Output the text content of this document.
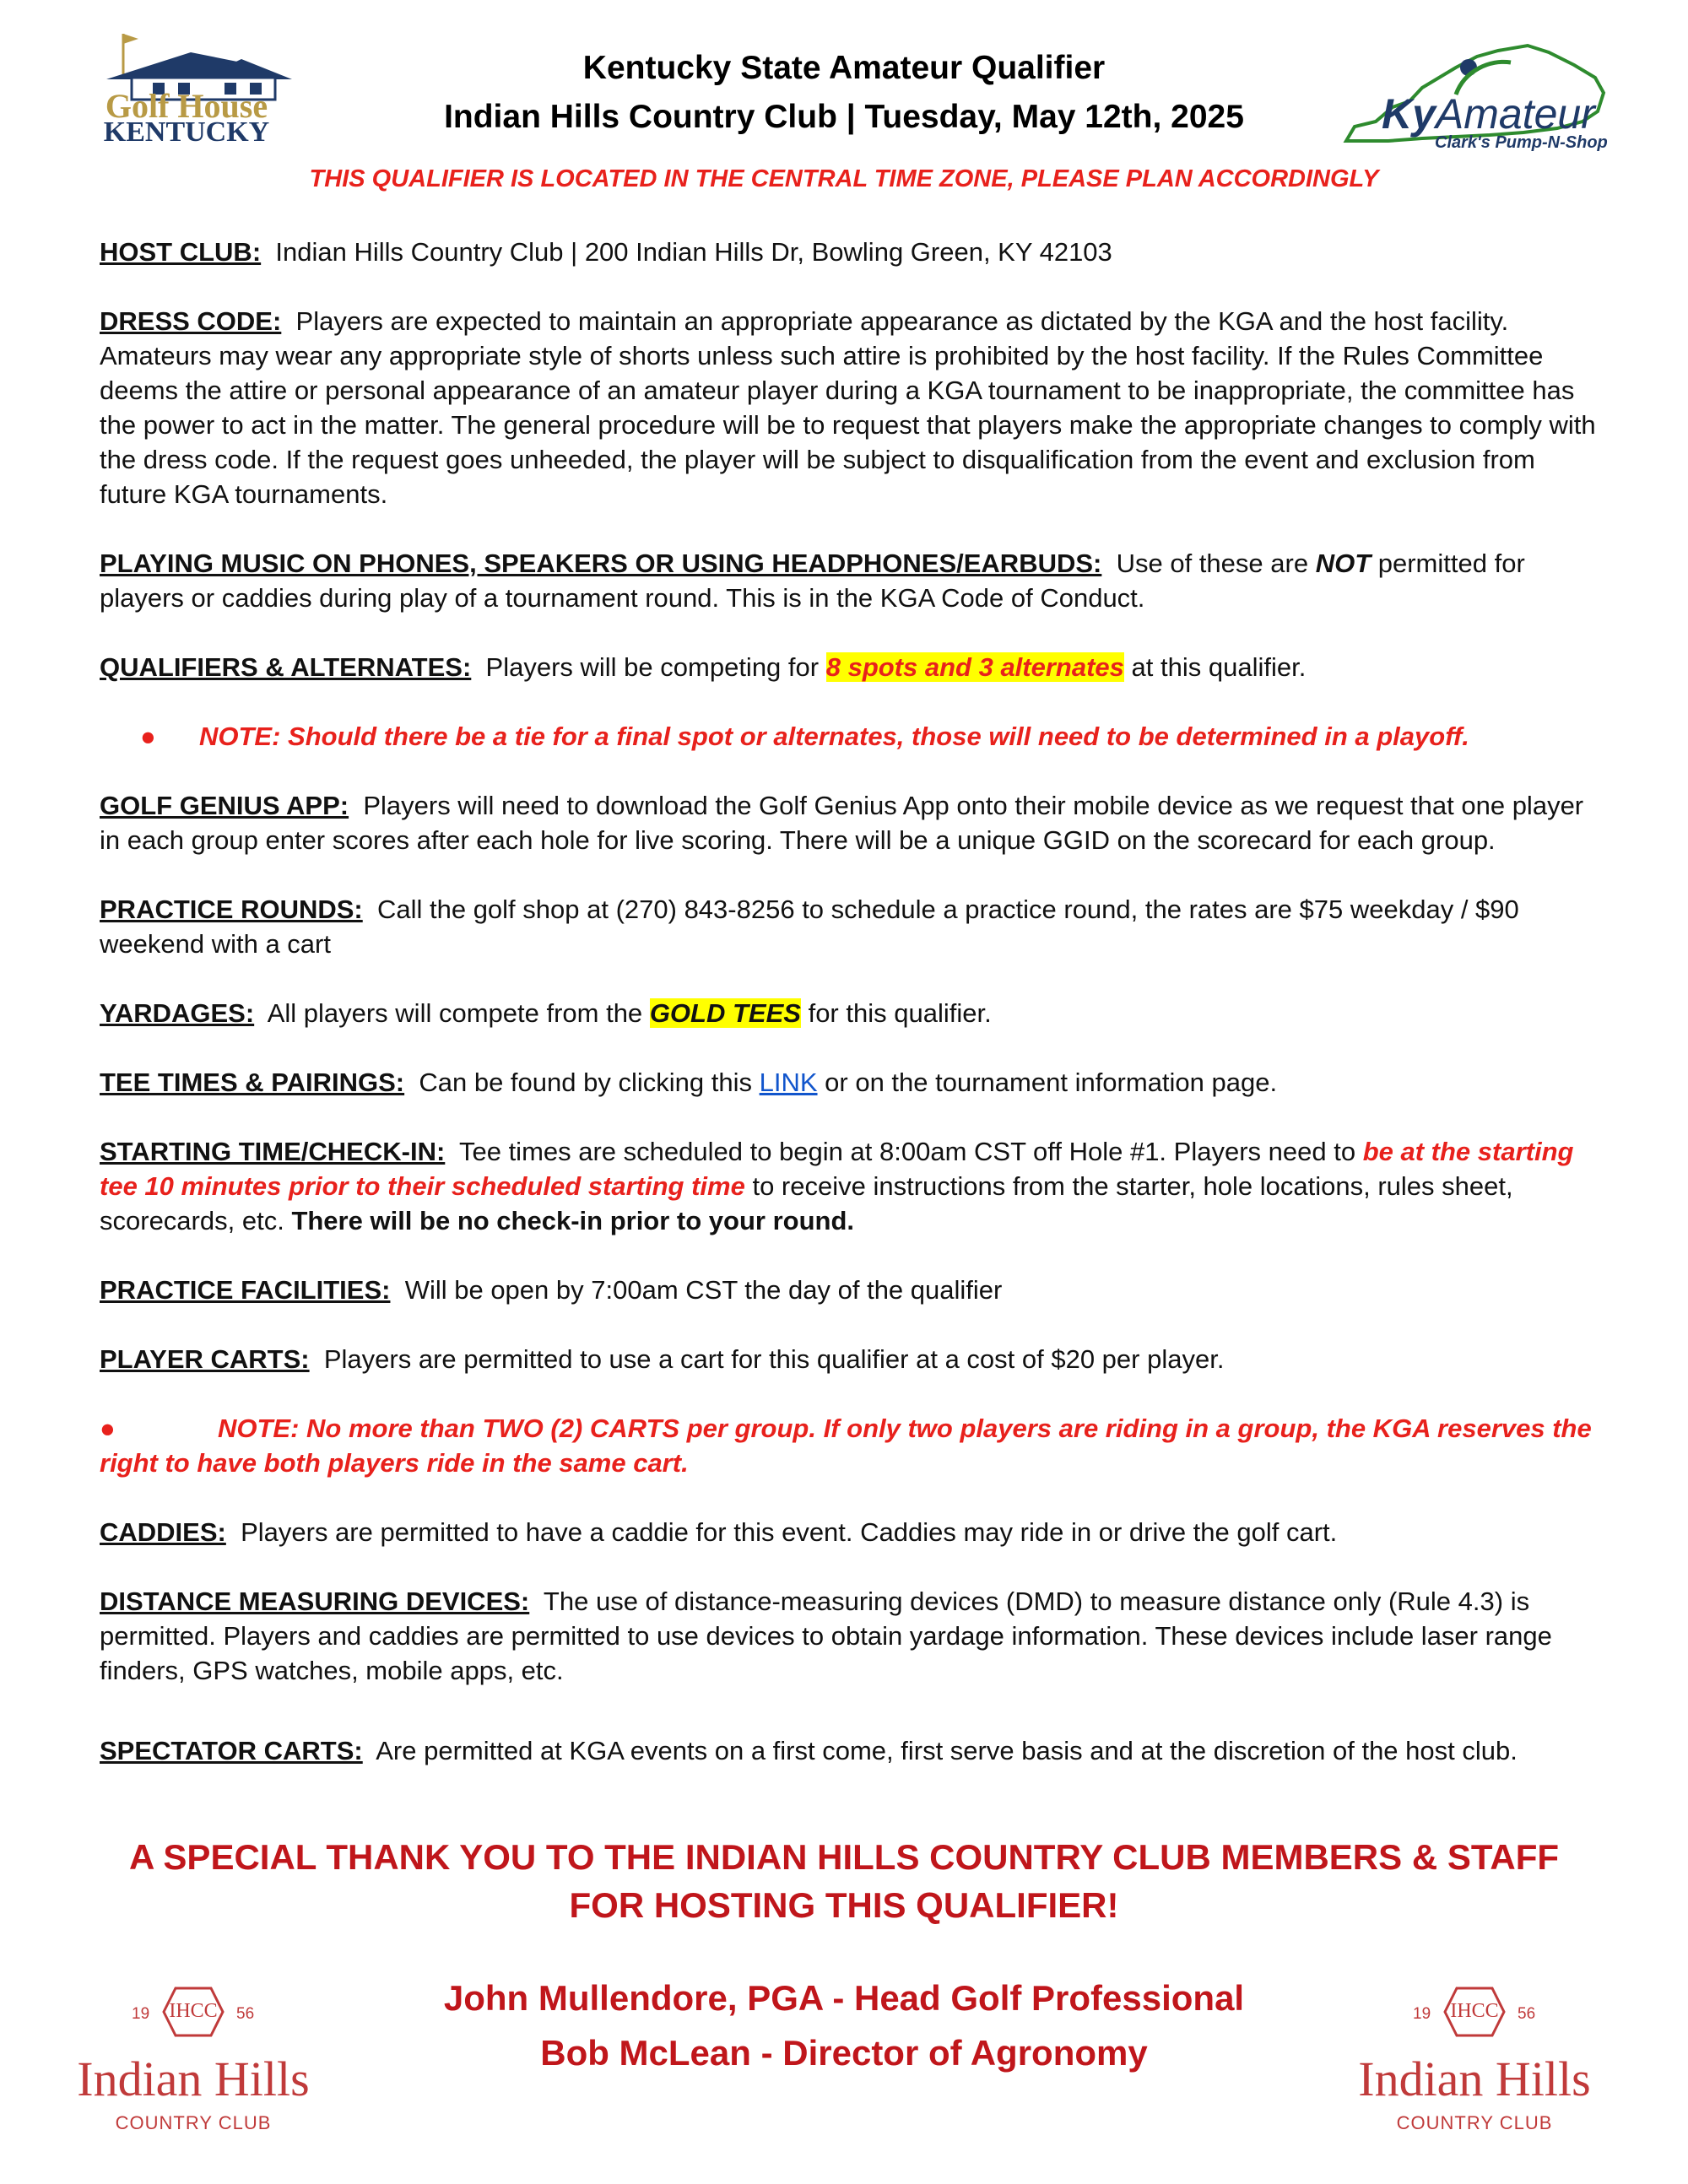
Golf House
KENTUCKY
Kentucky State Amateur Qualifier
Indian Hills Country Club | Tuesday, May 12th, 2025	KyAmateur
Clark's Pump-N-Shop
THIS QUALIFIER IS LOCATED IN THE CENTRAL TIME ZONE, PLEASE PLAN ACCORDINGLY
HOST CLUB: Indian Hills Country Club | 200 Indian Hills Dr, Bowling Green, KY 42103
DRESS CODE: Players are expected to maintain an appropriate appearance as dictated by the KGA and the host facility. Amateurs may wear any appropriate style of shorts unless such attire is prohibited by the host facility. If the Rules Committee deems the attire or personal appearance of an amateur player during a KGA tournament to be inappropriate, the committee has the power to act in the matter. The general procedure will be to request that players make the appropriate changes to comply with the dress code. If the request goes unheeded, the player will be subject to disqualification from the event and exclusion from future KGA tournaments.
PLAYING MUSIC ON PHONES, SPEAKERS OR USING HEADPHONES/EARBUDS: Use of these are NOT permitted for players or caddies during play of a tournament round. This is in the KGA Code of Conduct.
QUALIFIERS & ALTERNATES: Players will be competing for 8 spots and 3 alternates at this qualifier.
● NOTE: Should there be a tie for a final spot or alternates, those will need to be determined in a playoff.
GOLF GENIUS APP: Players will need to download the Golf Genius App onto their mobile device as we request that one player in each group enter scores after each hole for live scoring. There will be a unique GGID on the scorecard for each group.
PRACTICE ROUNDS: Call the golf shop at (270) 843-8256 to schedule a practice round, the rates are $75 weekday / $90 weekend with a cart
YARDAGES: All players will compete from the GOLD TEES for this qualifier.
TEE TIMES & PAIRINGS: Can be found by clicking this LINK or on the tournament information page.
STARTING TIME/CHECK-IN: Tee times are scheduled to begin at 8:00am CST off Hole #1. Players need to be at the starting tee 10 minutes prior to their scheduled starting time to receive instructions from the starter, hole locations, rules sheet, scorecards, etc. There will be no check-in prior to your round.
PRACTICE FACILITIES: Will be open by 7:00am CST the day of the qualifier
PLAYER CARTS: Players are permitted to use a cart for this qualifier at a cost of $20 per player.
●	NOTE: No more than TWO (2) CARTS per group. If only two players are riding in a group, the KGA reserves the right to have both players ride in the same cart.
CADDIES: Players are permitted to have a caddie for this event. Caddies may ride in or drive the golf cart.
DISTANCE MEASURING DEVICES: The use of distance-measuring devices (DMD) to measure distance only (Rule 4.3) is permitted. Players and caddies are permitted to use devices to obtain yardage information. These devices include laser range finders, GPS watches, mobile apps, etc.
SPECTATOR CARTS: Are permitted at KGA events on a first come, first serve basis and at the discretion of the host club.
A SPECIAL THANK YOU TO THE INDIAN HILLS COUNTRY CLUB MEMBERS & STAFF
FOR HOSTING THIS QUALIFIER!
IHCC
19	56
Indian Hills
COUNTRY CLUB
John Mullendore, PGA - Head Golf Professional
Bob McLean - Director of Agronomy
IHCC
19	56
Indian Hills
COUNTRY CLUB
